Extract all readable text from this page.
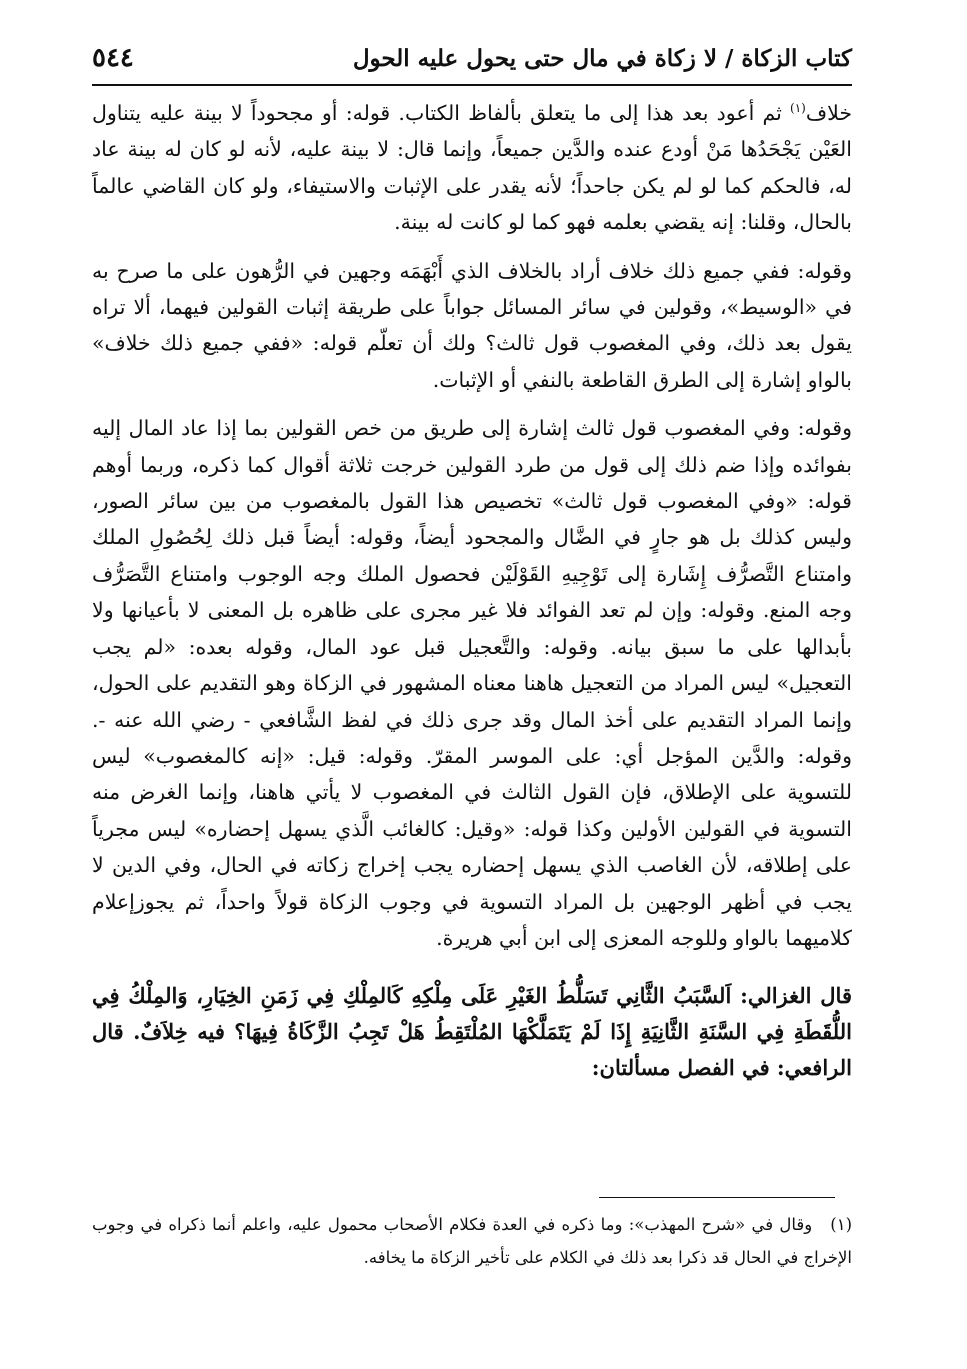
كتاب الزكاة / لا زكاة في مال حتى يحول عليه الحول
٥٤٤

خلاف$^{(١)}$ ثم أعود بعد هذا إلى ما يتعلق بألفاظ الكتاب. قوله: أو مجحوداً لا بينة عليه يتناول العَيْن يَجْحَدُها مَنْ أودع عنده والدَّين جميعاً، وإنما قال: لا بينة عليه، لأنه لو كان له بينة عاد له، فالحكم كما لو لم يكن جاحداً؛ لأنه يقدر على الإثبات والاستيفاء، ولو كان القاضي عالماً بالحال، وقلنا: إنه يقضي بعلمه فهو كما لو كانت له بينة.

وقوله: ففي جميع ذلك خلاف أراد بالخلاف الذي أَبْهَمَه وجهين في الرُّهون على ما صرح به في «الوسيط»، وقولين في سائر المسائل جواباً على طريقة إثبات القولين فيهما، ألا تراه يقول بعد ذلك، وفي المغصوب قول ثالث؟ ولك أن تعلّم قوله: «ففي جميع ذلك خلاف» بالواو إشارة إلى الطرق القاطعة بالنفي أو الإثبات.

وقوله: وفي المغصوب قول ثالث إشارة إلى طريق من خص القولين بما إذا عاد المال إليه بفوائده وإذا ضم ذلك إلى قول من طرد القولين خرجت ثلاثة أقوال كما ذكره، وربما أوهم قوله: «وفي المغصوب قول ثالث» تخصيص هذا القول بالمغصوب من بين سائر الصور، وليس كذلك بل هو جارٍ في الضَّال والمجحود أيضاً، وقوله: أيضاً قبل ذلك لِحُصُولِ الملك وامتناع التَّصرُّف إِشَارة إلى تَوْجِيهِ القَوْلَيْن فحصول الملك وجه الوجوب وامتناع التَّصَرُّف وجه المنع. وقوله: وإن لم تعد الفوائد فلا غير مجرى على ظاهره بل المعنى لا بأعيانها ولا بأبدالها على ما سبق بيانه. وقوله: والتَّعجيل قبل عود المال، وقوله بعده: «لم يجب التعجيل» ليس المراد من التعجيل هاهنا معناه المشهور في الزكاة وهو التقديم على الحول، وإنما المراد التقديم على أخذ المال وقد جرى ذلك في لفظ الشَّافعي - رضي الله عنه -. وقوله: والدَّين المؤجل أي: على الموسر المقرّ. وقوله: قيل: «إنه كالمغصوب» ليس للتسوية على الإطلاق، فإن القول الثالث في المغصوب لا يأتي هاهنا، وإنما الغرض منه التسوية في القولين الأولين وكذا قوله: «وقيل: كالغائب الَّذي يسهل إحضاره» ليس مجرياً على إطلاقه، لأن الغاصب الذي يسهل إحضاره يجب إخراج زكاته في الحال، وفي الدين لا يجب في أظهر الوجهين بل المراد التسوية في وجوب الزكاة قولاً واحداً، ثم يجوزإعلام كلاميهما بالواو وللوجه المعزى إلى ابن أبي هريرة.

قال الغزالي: اَلسَّبَبُ الثَّانِي تَسَلُّطُ الغَيْرِ عَلَى مِلْكِهِ كَالمِلْكِ فِي زَمَنِ الخِيَارِ، وَالمِلْكُ فِي اللُّقَطَةِ فِي السَّنَةِ الثَّانِيَةِ إِذَا لَمْ يَتَمَلَّكْهَا المُلْتَقِطُ هَلْ تَجِبُ الزَّكَاةُ فِيهَا؟ فيه خِلاَفٌ. قال الرافعي: في الفصل مسألتان:

(١)وقال في «شرح المهذب»: وما ذكره في العدة فكلام الأصحاب محمول عليه، واعلم أنما ذكراه في وجوب الإخراج في الحال قد ذكرا بعد ذلك في الكلام على تأخير الزكاة ما يخافه.
